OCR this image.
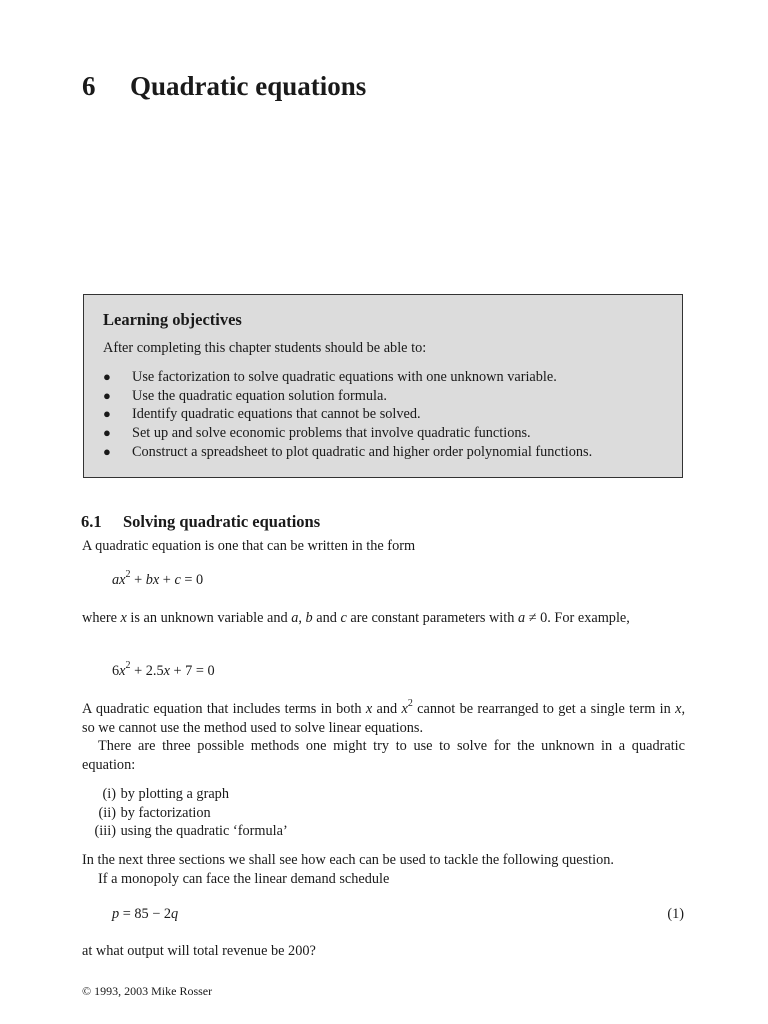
6 Quadratic equations
Learning objectives
After completing this chapter students should be able to:
● Use factorization to solve quadratic equations with one unknown variable.
● Use the quadratic equation solution formula.
● Identify quadratic equations that cannot be solved.
● Set up and solve economic problems that involve quadratic functions.
● Construct a spreadsheet to plot quadratic and higher order polynomial functions.
6.1 Solving quadratic equations
A quadratic equation is one that can be written in the form
$ax^2$ + bx + c = 0
where x is an unknown variable and a, b and c are constant parameters with a ≠ 0. For example,
$6x^2 + 2.5x + 7 = 0$
A quadratic equation that includes terms in both x and $x^2$ cannot be rearranged to get a single term in x, so we cannot use the method used to solve linear equations.
There are three possible methods one might try to use to solve for the unknown in a quadratic equation:
(i) by plotting a graph
(ii) by factorization
(iii) using the quadratic ‘formula’
In the next three sections we shall see how each can be used to tackle the following question.
If a monopoly can face the linear demand schedule
p = 85 − 2q	(1)
at what output will total revenue be 200?
© 1993, 2003 Mike Rosser
